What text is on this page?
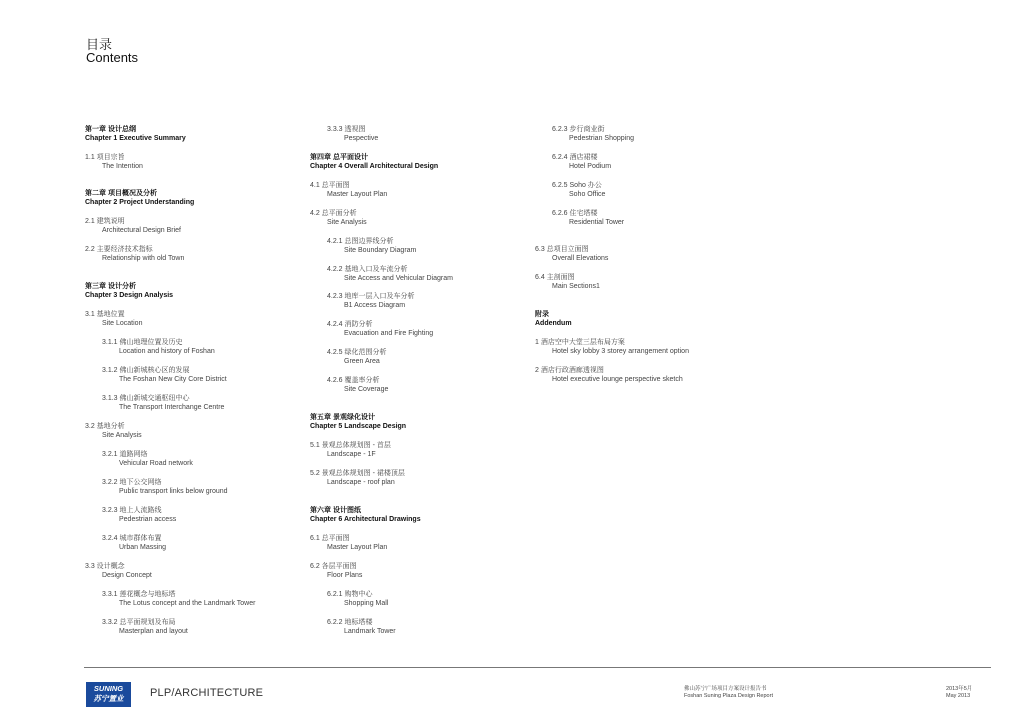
目录
Contents
第一章 设计总纲
Chapter 1 Executive Summary
1.1 项目宗旨
The Intention
第二章 项目概况及分析
Chapter 2 Project Understanding
2.1 建筑说明
Architectural Design Brief
2.2 主要经济技术指标
Relationship with old Town
第三章 设计分析
Chapter 3 Design Analysis
3.1 基地位置
Site Location
3.1.1 佛山地理位置及历史
Location and history of Foshan
3.1.2 佛山新城核心区的发展
The Foshan New City Core District
3.1.3 佛山新城交通枢纽中心
The Transport Interchange Centre
3.2 基地分析
Site Analysis
3.2.1 道路网络
Vehicular Road network
3.2.2 地下公交网络
Public transport links below ground
3.2.3 地上人流路线
Pedestrian access
3.2.4 城市群体布置
Urban Massing
3.3 设计概念
Design Concept
3.3.1 莲花概念与地标塔
The Lotus concept and the Landmark Tower
3.3.2 总平面规划及布局
Masterplan and layout
3.3.3 透视图
Pespective
第四章 总平面设计
Chapter 4 Overall Architectural Design
4.1 总平面图
Master Layout Plan
4.2 总平面分析
Site Analysis
4.2.1 总图边界线分析
Site Boundary Diagram
4.2.2 基地入口及车流分析
Site Access and Vehicular Diagram
4.2.3 地库一层入口及车分析
B1 Access Diagram
4.2.4 消防分析
Evacuation and Fire Fighting
4.2.5 绿化范围分析
Green Area
4.2.6 覆盖率分析
Site Coverage
第五章 景观绿化设计
Chapter 5 Landscape Design
5.1 景观总体规划图 - 首层
Landscape - 1F
5.2 景观总体规划图 - 裙楼顶层
Landscape - roof plan
第六章 设计图纸
Chapter 6 Architectural Drawings
6.1 总平面图
Master Layout Plan
6.2 各层平面图
Floor Plans
6.2.1 购物中心
Shopping Mall
6.2.2 地标塔楼
Landmark Tower
6.2.3 步行商业街
Pedestrian Shopping
6.2.4 酒店裙楼
Hotel Podium
6.2.5 Soho 办公
Soho Office
6.2.6 住宅塔楼
Residential Tower
6.3 总项目立面图
Overall Elevations
6.4 主剖面图
Main Sections1
附录
Addendum
1 酒店空中大堂三层布局方案
Hotel sky lobby 3 storey arrangement option
2 酒店行政酒廊透视图
Hotel executive lounge perspective sketch
SUNING
苏宁置业	PLP/ARCHITECTURE	佛山苏宁广场项目方案设计报告书
Foshan Suning Plaza Design Report
2013年5月
May 2013
